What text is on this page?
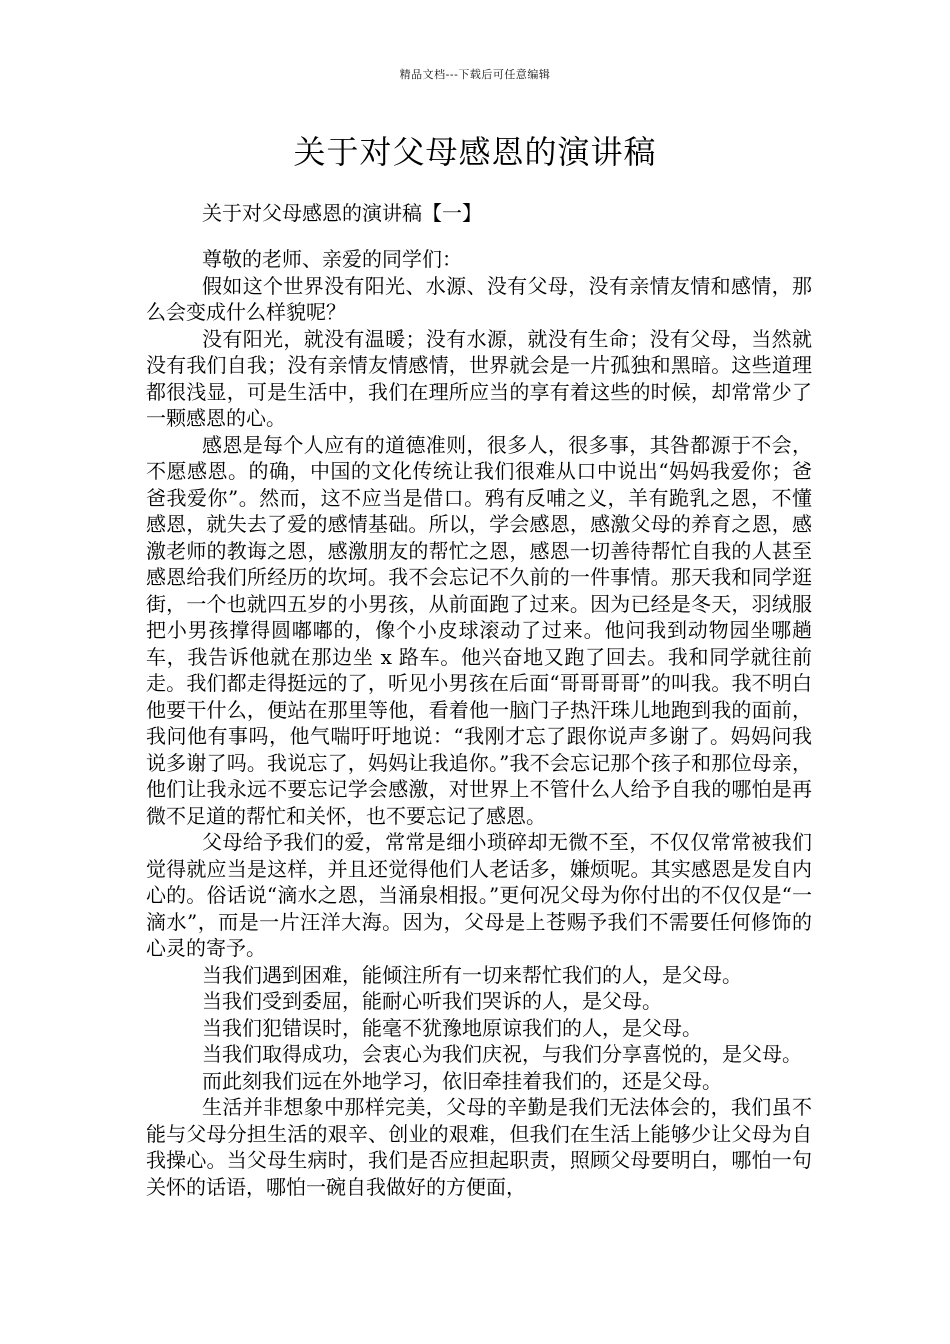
精品文档---下载后可任意编辑
关于对父母感恩的演讲稿
关于对父母感恩的演讲稿【一】

尊敬的老师、亲爱的同学们：

假如这个世界没有阳光、水源、没有父母，没有亲情友情和感情，那么会变成什么样貌呢？

没有阳光，就没有温暖；没有水源，就没有生命；没有父母，当然就没有我们自我；没有亲情友情感情，世界就会是一片孤独和黑暗。这些道理都很浅显，可是生活中，我们在理所应当的享有着这些的时候，却常常少了一颗感恩的心。

感恩是每个人应有的道德准则，很多人，很多事，其咎都源于不会，不愿感恩。的确，中国的文化传统让我们很难从口中说出“妈妈我爱你；爸爸我爱你”。然而，这不应当是借口。鸦有反哺之义，羊有跪乳之恩，不懂感恩，就失去了爱的感情基础。所以，学会感恩，感激父母的养育之恩，感激老师的教诲之恩，感激朋友的帮忙之恩，感恩一切善待帮忙自我的人甚至感恩给我们所经历的坎坷。我不会忘记不久前的一件事情。那天我和同学逛街，一个也就四五岁的小男孩，从前面跑了过来。因为已经是冬天，羽绒服把小男孩撑得圆嘟嘟的，像个小皮球滚动了过来。他问我到动物园坐哪趟车，我告诉他就在那边坐 x 路车。他兴奋地又跑了回去。我和同学就往前走。我们都走得挺远的了，听见小男孩在后面“哥哥哥哥”的叫我。我不明白他要干什么，便站在那里等他，看着他一脑门子热汗珠儿地跑到我的面前，我问他有事吗，他气喘吁吁地说：“我刚才忘了跟你说声多谢了。妈妈问我说多谢了吗。我说忘了，妈妈让我追你。”我不会忘记那个孩子和那位母亲，他们让我永远不要忘记学会感激，对世界上不管什么人给予自我的哪怕是再微不足道的帮忙和关怀，也不要忘记了感恩。

父母给予我们的爱，常常是细小琐碎却无微不至，不仅仅常常被我们觉得就应当是这样，并且还觉得他们人老话多，嫌烦呢。其实感恩是发自内心的。俗话说“滴水之恩，当涌泉相报。”更何况父母为你付出的不仅仅是“一滴水”，而是一片汪洋大海。因为，父母是上苍赐予我们不需要任何修饰的心灵的寄予。

当我们遇到困难，能倾注所有一切来帮忙我们的人，是父母。

当我们受到委屈，能耐心听我们哭诉的人，是父母。

当我们犯错误时，能毫不犹豫地原谅我们的人，是父母。

当我们取得成功，会衷心为我们庆祝，与我们分享喜悦的，是父母。

而此刻我们远在外地学习，依旧牵挂着我们的，还是父母。

生活并非想象中那样完美，父母的辛勤是我们无法体会的，我们虽不能与父母分担生活的艰辛、创业的艰难，但我们在生活上能够少让父母为自我操心。当父母生病时，我们是否应担起职责，照顾父母要明白，哪怕一句关怀的话语，哪怕一碗自我做好的方便面，
